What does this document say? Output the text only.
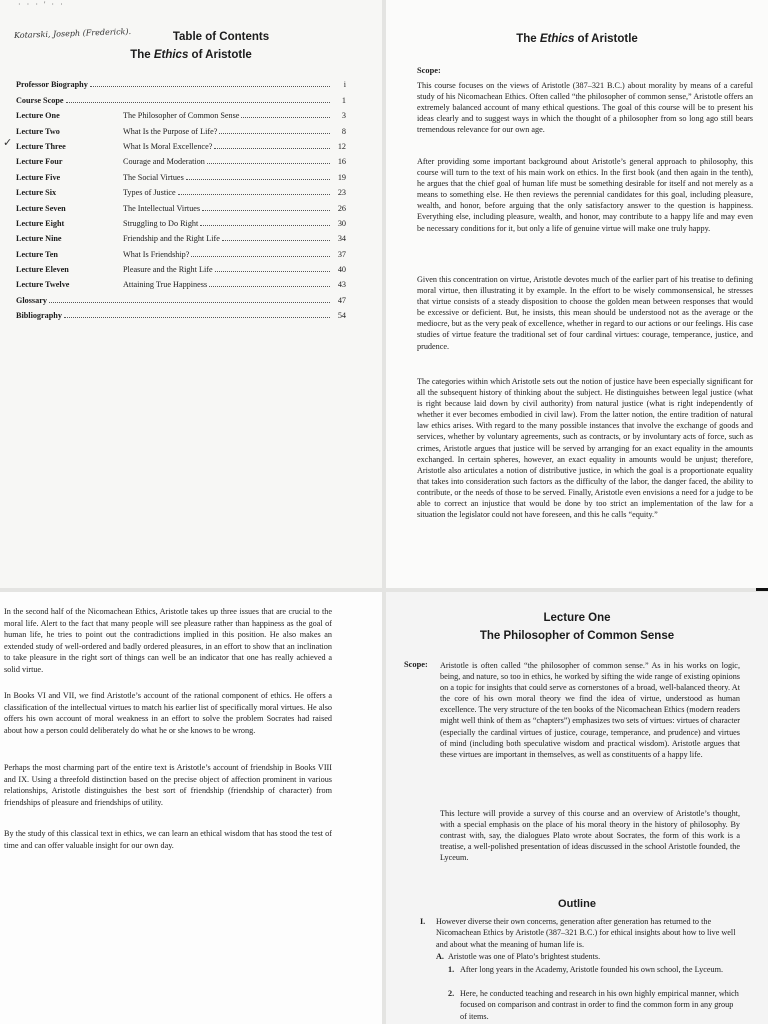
· · · ' · ·
Kotarski, Joseph (Frederick).	Table of Contents
The Ethics of Aristotle
✓
Professor Biography	i
Course Scope	1
Lecture One	The Philosopher of Common Sense	3
Lecture Two	What Is the Purpose of Life?	8
Lecture Three	What Is Moral Excellence?	12
Lecture Four	Courage and Moderation	16
Lecture Five	The Social Virtues	19
Lecture Six	Types of Justice	23
Lecture Seven	The Intellectual Virtues	26
Lecture Eight	Struggling to Do Right	30
Lecture Nine	Friendship and the Right Life	34
Lecture Ten	What Is Friendship?	37
Lecture Eleven	Pleasure and the Right Life	40
Lecture Twelve	Attaining True Happiness	43
Glossary	47
Bibliography	54
The Ethics of Aristotle
Scope:

This course focuses on the views of Aristotle (387–321 B.C.) about morality by means of a careful study of his Nicomachean Ethics. Often called “the philosopher of common sense,” Aristotle offers an extremely balanced account of many ethical questions. The goal of this course will be to present his ideas clearly and to suggest ways in which the thought of a philosopher from so long ago still bears tremendous relevance for our own age.

After providing some important background about Aristotle’s general approach to philosophy, this course will turn to the text of his main work on ethics. In the first book (and then again in the tenth), he argues that the chief goal of human life must be something desirable for itself and not merely as a means to something else. He then reviews the perennial candidates for this goal, including pleasure, wealth, and honor, before arguing that the only satisfactory answer to the question is happiness. Everything else, including pleasure, wealth, and honor, may contribute to a happy life and may even be necessary conditions for it, but only a life of genuine virtue will make one truly happy.

Given this concentration on virtue, Aristotle devotes much of the earlier part of his treatise to defining moral virtue, then illustrating it by example. In the effort to be wisely commonsensical, he stresses that virtue consists of a steady disposition to choose the golden mean between responses that would be excessive or deficient. But, he insists, this mean should be understood not as the average or the mediocre, but as the very peak of excellence, whether in regard to our actions or our feelings. His case studies of virtue feature the traditional set of four cardinal virtues: courage, temperance, justice, and prudence.

The categories within which Aristotle sets out the notion of justice have been especially significant for all the subsequent history of thinking about the subject. He distinguishes between legal justice (what is right because laid down by civil authority) from natural justice (what is right independently of whether it ever becomes embodied in civil law). From the latter notion, the entire tradition of natural law ethics arises. With regard to the many possible instances that involve the exchange of goods and services, whether by voluntary agreements, such as contracts, or by involuntary acts of force, such as crimes, Aristotle argues that justice will be served by arranging for an exact equality in the amounts exchanged. In certain spheres, however, an exact equality in amounts would be unjust; therefore, Aristotle also articulates a notion of distributive justice, in which the goal is a proportionate equality that takes into consideration such factors as the difficulty of the labor, the danger faced, the ability to contribute, or the needs of those to be served. Finally, Aristotle even envisions a need for a judge to be able to correct an injustice that would be done by too strict an implementation of the law for a situation the legislator could not have foreseen, and this he calls “equity.”

In the second half of the Nicomachean Ethics, Aristotle takes up three issues that are crucial to the moral life. Alert to the fact that many people will see pleasure rather than happiness as the goal of human life, he tries to point out the contradictions implied in this position. He also makes an extended study of well-ordered and badly ordered pleasures, in an effort to show that an inclination to take pleasure in the right sort of things can well be an indicator that one has really achieved a solid virtue.

In Books VI and VII, we find Aristotle’s account of the rational component of ethics. He offers a classification of the intellectual virtues to match his earlier list of specifically moral virtues. He also offers his own account of moral weakness in an effort to solve the problem Socrates had raised about how a person could deliberately do what he or she knows to be wrong.

Perhaps the most charming part of the entire text is Aristotle’s account of friendship in Books VIII and IX. Using a threefold distinction based on the precise object of affection prominent in various relationships, Aristotle distinguishes the best sort of friendship (friendship of character) from friendships of pleasure and friendships of utility.

By the study of this classical text in ethics, we can learn an ethical wisdom that has stood the test of time and can offer valuable insight for our own day.

Lecture One
The Philosopher of Common Sense
Scope: Aristotle is often called “the philosopher of common sense.” As in his works on logic, being, and nature, so too in ethics, he worked by sifting the wide range of existing opinions on a topic for insights that could serve as cornerstones of a broad, well-balanced theory. At the core of his own moral theory we find the idea of virtue, understood as human excellence. The very structure of the ten books of the Nicomachean Ethics (modern readers might well think of them as “chapters”) emphasizes two sets of virtues: virtues of character (especially the cardinal virtues of justice, courage, temperance, and prudence) and virtues of mind (including both speculative wisdom and practical wisdom). Aristotle argues that these virtues are important in themselves, as well as constituents of a happy life.

This lecture will provide a survey of this course and an overview of Aristotle’s thought, with a special emphasis on the place of his moral theory in the history of philosophy. By contrast with, say, the dialogues Plato wrote about Socrates, the form of this work is a treatise, a well-polished presentation of ideas discussed in the school Aristotle founded, the Lyceum.

Outline
I. However diverse their own concerns, generation after generation has returned to the Nicomachean Ethics by Aristotle (387–321 B.C.) for ethical insights about how to live well and about what the meaning of human life is.
A. Aristotle was one of Plato’s brightest students.
1. After long years in the Academy, Aristotle founded his own school, the Lyceum.
2. Here, he conducted teaching and research in his own highly empirical manner, which focused on comparison and contrast in order to find the common form in any group of items.
